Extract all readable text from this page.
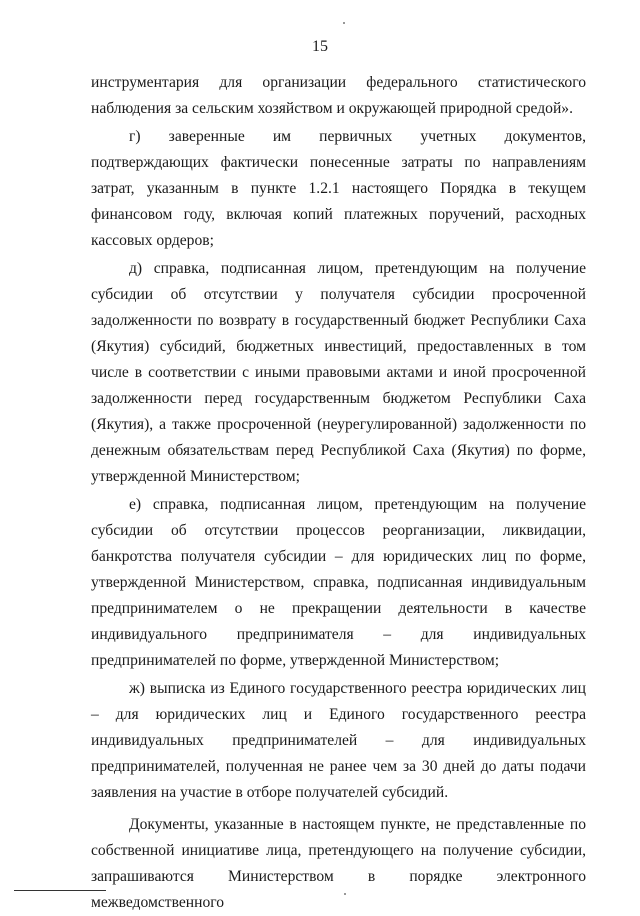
15

инструментария для организации федерального статистического наблюдения за сельским хозяйством и окружающей природной средой».

г) заверенные им первичных учетных документов, подтверждающих фактически понесенные затраты по направлениям затрат, указанным в пункте 1.2.1 настоящего Порядка в текущем финансовом году, включая копий платежных поручений, расходных кассовых ордеров;

д) справка, подписанная лицом, претендующим на получение субсидии об отсутствии у получателя субсидии просроченной задолженности по возврату в государственный бюджет Республики Саха (Якутия) субсидий, бюджетных инвестиций, предоставленных в том числе в соответствии с иными правовыми актами и иной просроченной задолженности перед государственным бюджетом Республики Саха (Якутия), а также просроченной (неурегулированной) задолженности по денежным обязательствам перед Республикой Саха (Якутия) по форме, утвержденной Министерством;

е) справка, подписанная лицом, претендующим на получение субсидии об отсутствии процессов реорганизации, ликвидации, банкротства получателя субсидии – для юридических лиц по форме, утвержденной Министерством, справка, подписанная индивидуальным предпринимателем о не прекращении деятельности в качестве индивидуального предпринимателя – для индивидуальных предпринимателей по форме, утвержденной Министерством;

ж) выписка из Единого государственного реестра юридических лиц – для юридических лиц и Единого государственного реестра индивидуальных предпринимателей – для индивидуальных предпринимателей, полученная не ранее чем за 30 дней до даты подачи заявления на участие в отборе получателей субсидий.

Документы, указанные в настоящем пункте, не представленные по собственной инициативе лица, претендующего на получение субсидии, запрашиваются Министерством в порядке электронного межведомственного
